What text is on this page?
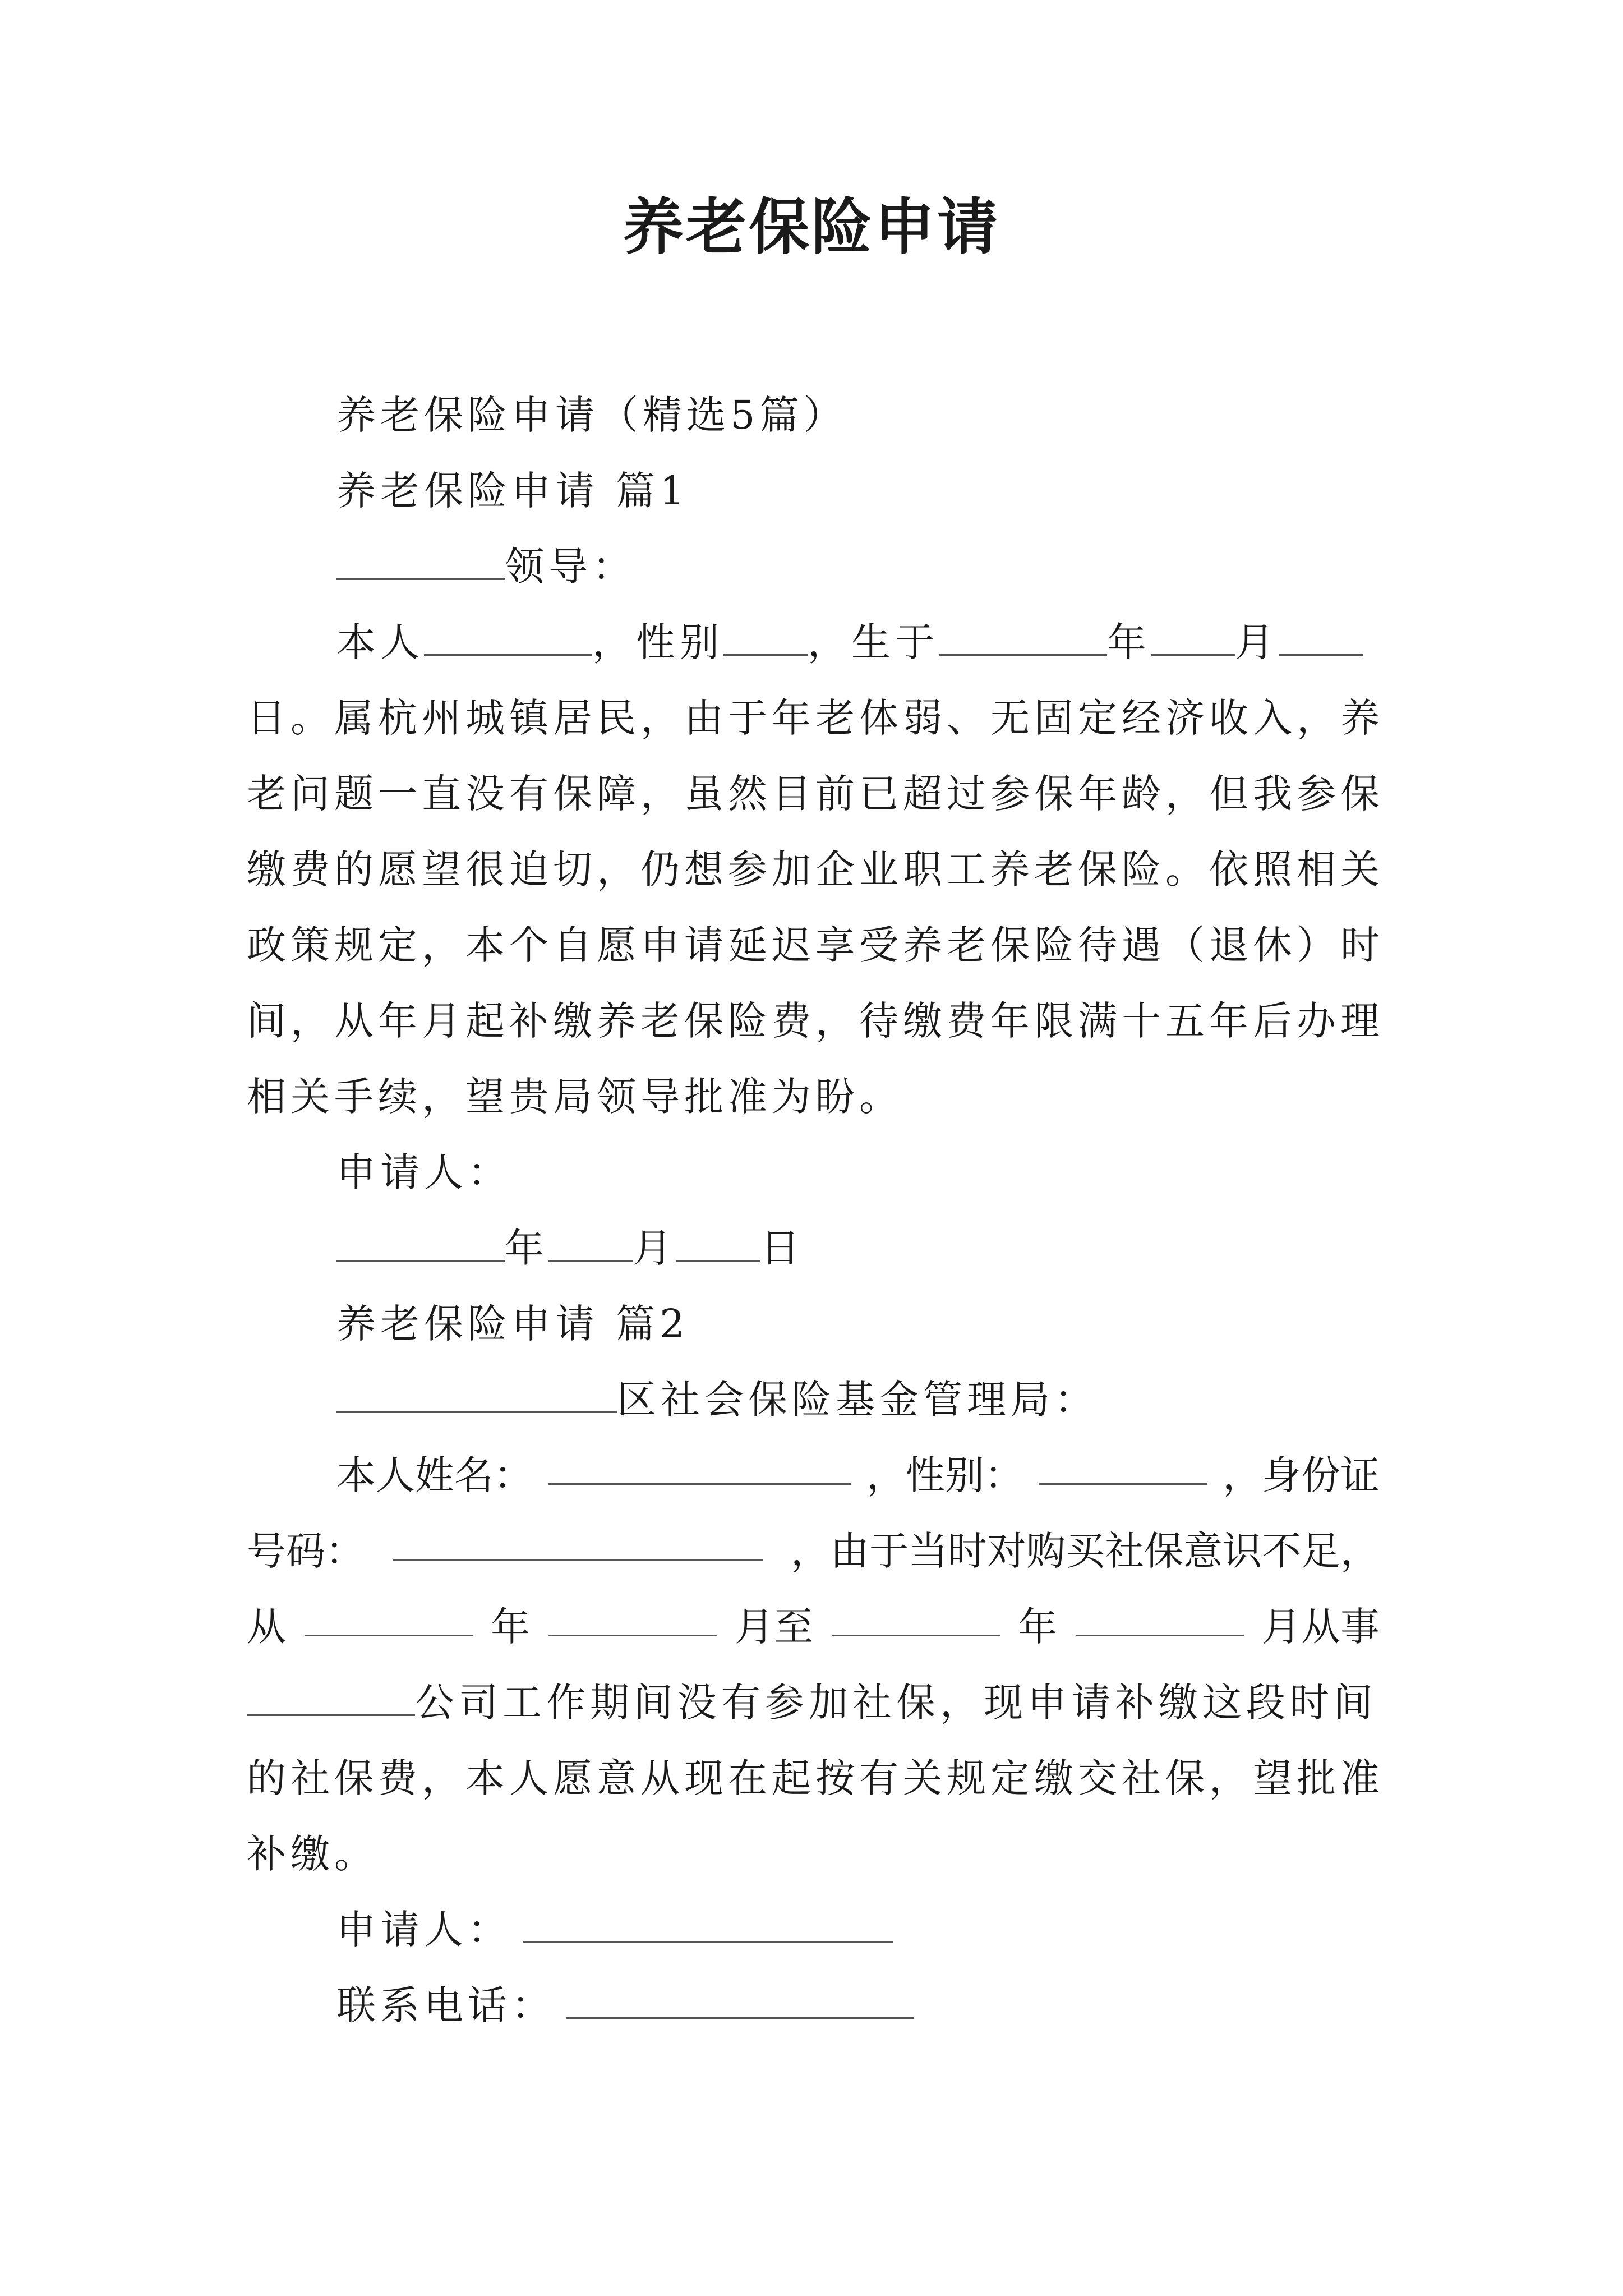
养老保险申请
养老保险申请（精选5篇）
养老保险申请 篇1
领导：
本人	，性别 ，生于	年 月
日。属杭州城镇居民，由于年老体弱、无固定经济收入，养
老问题一直没有保障，虽然目前已超过参保年龄，但我参保
缴费的愿望很迫切，仍想参加企业职工养老保险。依照相关
政策规定，本个自愿申请延迟享受养老保险待遇（退休）时
间，从年月起补缴养老保险费，待缴费年限满十五年后办理
相关手续，望贵局领导批准为盼。
申请人：
年 月 日
养老保险申请 篇2
区社会保险基金管理局：
本人姓名：	，性别：	，身份证
号码：	，由于当时对购买社保意识不足，
从	年	月至	年	月从事
公司工作期间没有参加社保，现申请补缴这段时间
的社保费，本人愿意从现在起按有关规定缴交社保，望批准
补缴。
申请人：
联系电话：
